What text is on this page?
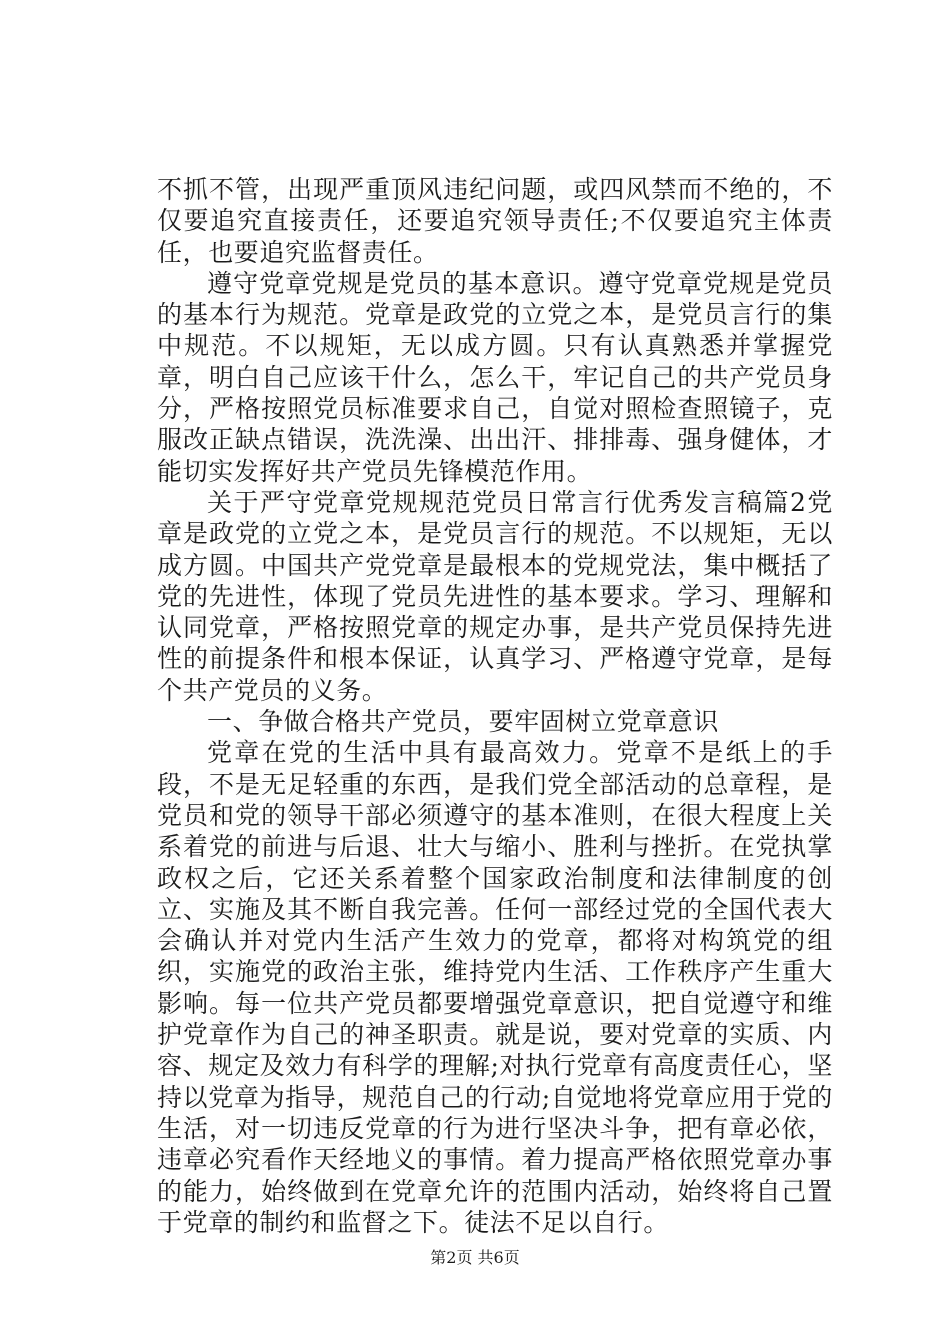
不抓不管，出现严重顶风违纪问题，或四风禁而不绝的，不仅要追究直接责任，还要追究领导责任;不仅要追究主体责任，也要追究监督责任。

遵守党章党规是党员的基本意识。遵守党章党规是党员的基本行为规范。党章是政党的立党之本，是党员言行的集中规范。不以规矩，无以成方圆。只有认真熟悉并掌握党章，明白自己应该干什么，怎么干，牢记自己的共产党员身分，严格按照党员标准要求自己，自觉对照检查照镜子，克服改正缺点错误，洗洗澡、出出汗、排排毒、强身健体，才能切实发挥好共产党员先锋模范作用。

关于严守党章党规规范党员日常言行优秀发言稿篇2党章是政党的立党之本，是党员言行的规范。不以规矩，无以成方圆。中国共产党党章是最根本的党规党法，集中概括了党的先进性，体现了党员先进性的基本要求。学习、理解和认同党章，严格按照党章的规定办事，是共产党员保持先进性的前提条件和根本保证，认真学习、严格遵守党章，是每个共产党员的义务。

一、争做合格共产党员，要牢固树立党章意识

党章在党的生活中具有最高效力。党章不是纸上的手段，不是无足轻重的东西，是我们党全部活动的总章程，是党员和党的领导干部必须遵守的基本准则，在很大程度上关系着党的前进与后退、壮大与缩小、胜利与挫折。在党执掌政权之后，它还关系着整个国家政治制度和法律制度的创立、实施及其不断自我完善。任何一部经过党的全国代表大会确认并对党内生活产生效力的党章，都将对构筑党的组织，实施党的政治主张，维持党内生活、工作秩序产生重大影响。每一位共产党员都要增强党章意识，把自觉遵守和维护党章作为自己的神圣职责。就是说，要对党章的实质、内容、规定及效力有科学的理解;对执行党章有高度责任心，坚持以党章为指导，规范自己的行动;自觉地将党章应用于党的生活，对一切违反党章的行为进行坚决斗争，把有章必依，违章必究看作天经地义的事情。着力提高严格依照党章办事的能力，始终做到在党章允许的范围内活动，始终将自己置于党章的制约和监督之下。徒法不足以自行。

第2页 共6页
